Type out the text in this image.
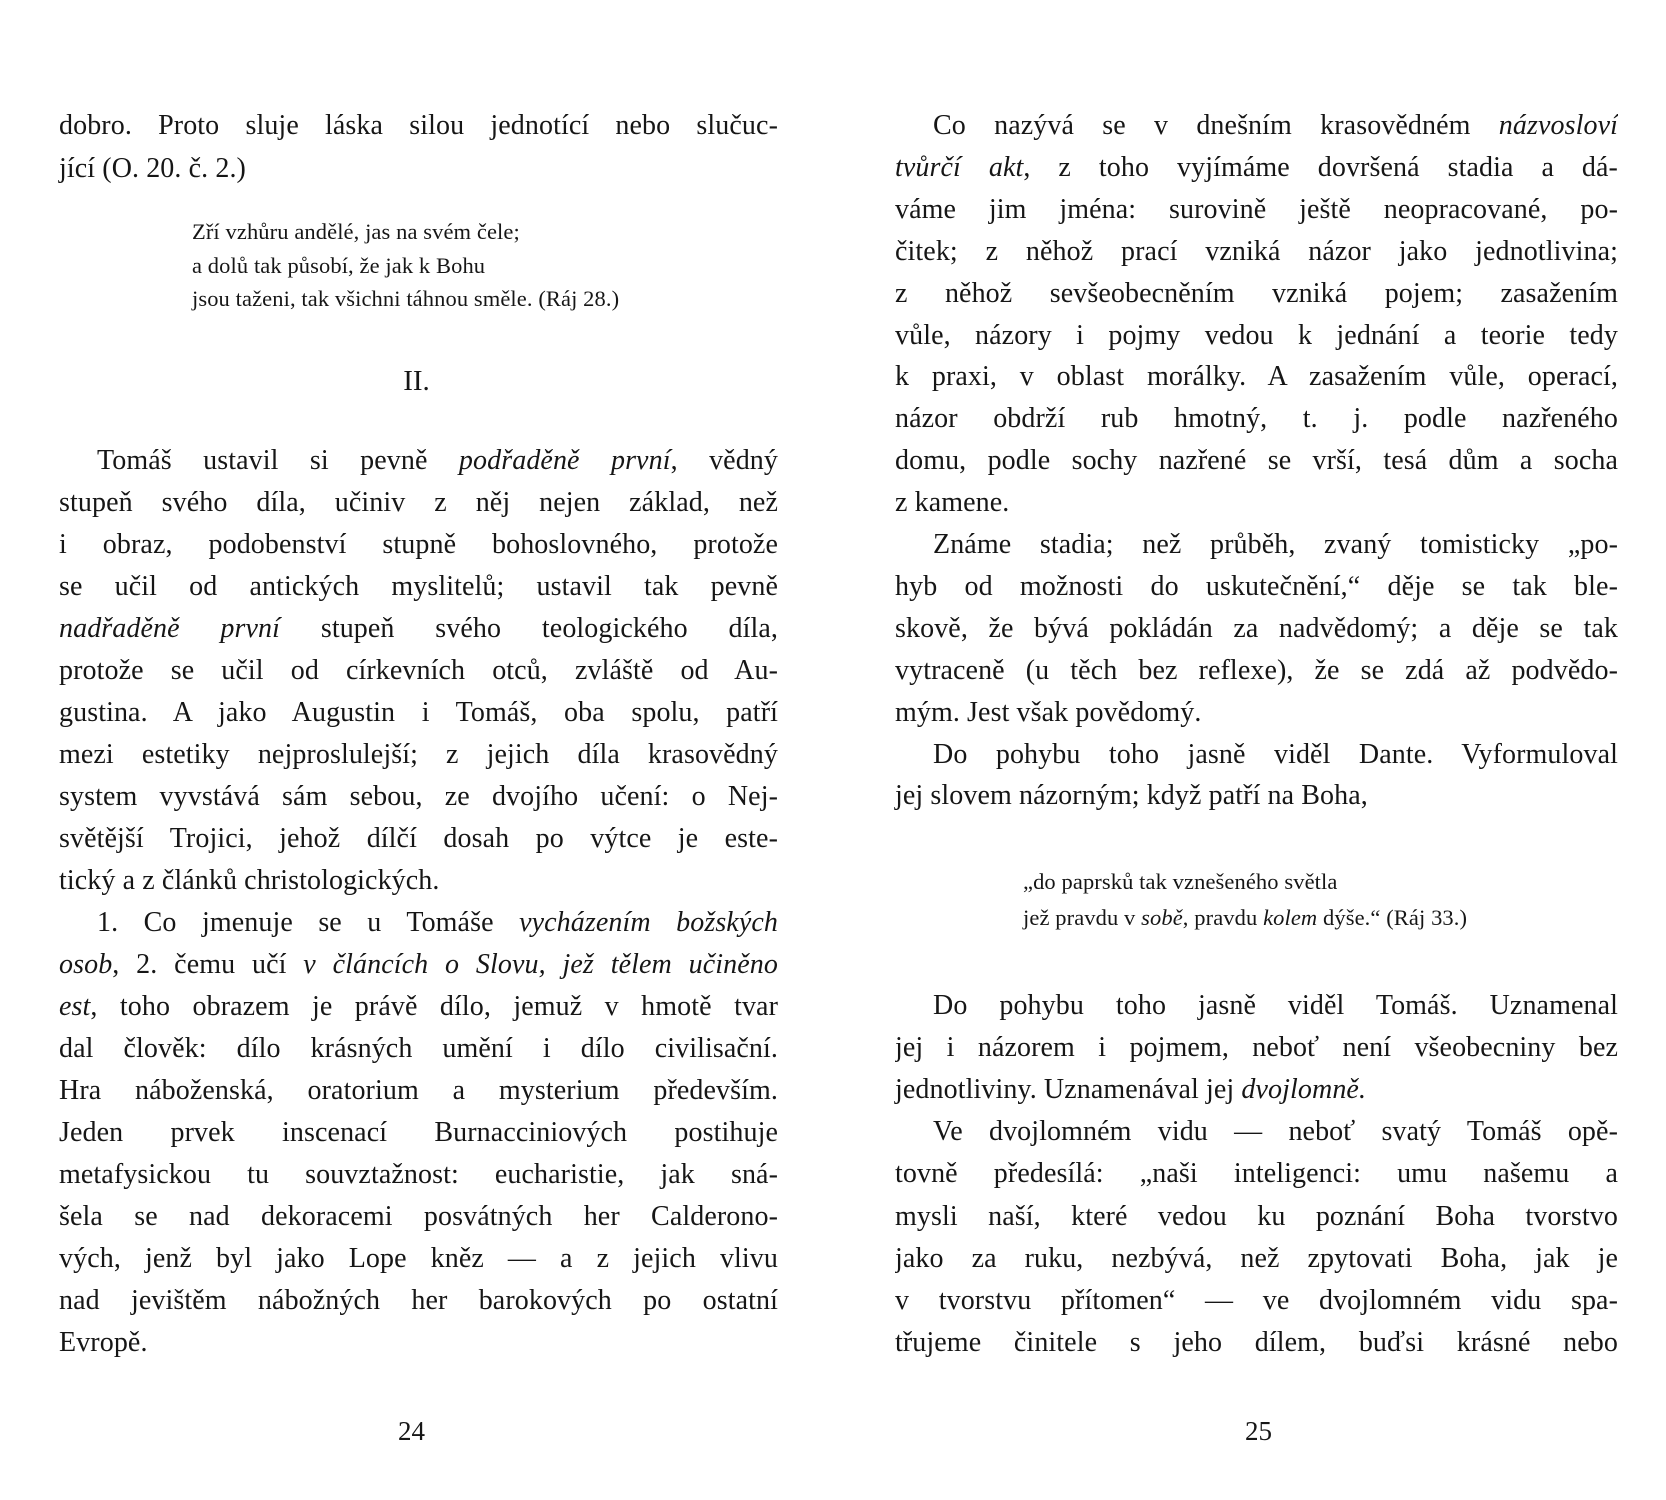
II.
24
dobro. Proto sluje láska silou jednotící nebo slučuc-
jící (O. 20. č. 2.)
Zří vzhůru andělé, jas na svém čele;
a dolů tak působí, že jak k Bohu
jsou taženi, tak všichni táhnou směle. (Ráj 28.)
Tomáš ustavil si pevně podřaděně první, vědný
stupeň svého díla, učiniv z něj nejen základ, než
i obraz, podobenství stupně bohoslovného, protože
se učil od antických myslitelů; ustavil tak pevně
nadřaděně první stupeň svého teologického díla,
protože se učil od církevních otců, zvláště od Au-
gustina. A jako Augustin i Tomáš, oba spolu, patří
mezi estetiky nejproslulejší; z jejich díla krasovědný
system vyvstává sám sebou, ze dvojího učení: o Nej-
světější Trojici, jehož dílčí dosah po výtce je este-
tický a z článků christologických.
1. Co jmenuje se u Tomáše vycházením božských
osob, 2. čemu učí v článcích o Slovu, jež tělem učiněno
est, toho obrazem je právě dílo, jemuž v hmotě tvar
dal člověk: dílo krásných umění i dílo civilisační.
Hra náboženská, oratorium a mysterium především.
Jeden prvek inscenací Burnacciniových postihuje
metafysickou tu souvztažnost: eucharistie, jak sná-
šela se nad dekoracemi posvátných her Calderono-
vých, jenž byl jako Lope kněz — a z jejich vlivu
nad jevištěm nábožných her barokových po ostatní
Evropě.
25
Co nazývá se v dnešním krasovědném názvosloví
tvůrčí akt, z toho vyjímáme dovršená stadia a dá-
váme jim jména: surovině ještě neopracované, po-
čitek; z něhož prací vzniká názor jako jednotlivina;
z něhož sevšeobecněním vzniká pojem; zasažením
vůle, názory i pojmy vedou k jednání a teorie tedy
k praxi, v oblast morálky. A zasažením vůle, operací,
názor obdrží rub hmotný, t. j. podle nazřeného
domu, podle sochy nazřené se vrší, tesá dům a socha
z kamene.
Známe stadia; než průběh, zvaný tomisticky „po-
hyb od možnosti do uskutečnění,“ děje se tak ble-
skově, že bývá pokládán za nadvědomý; a děje se tak
vytraceně (u těch bez reflexe), že se zdá až podvědo-
mým. Jest však povědomý.
Do pohybu toho jasně viděl Dante. Vyformuloval
jej slovem názorným; když patří na Boha,
„do paprsků tak vznešeného světla
jež pravdu v sobě, pravdu kolem dýše.“ (Ráj 33.)
Do pohybu toho jasně viděl Tomáš. Uznamenal
jej i názorem i pojmem, neboť není všeobecniny bez
jednotliviny. Uznamenával jej dvojlomně.
Ve dvojlomném vidu — neboť svatý Tomáš opě-
tovně předesílá: „naši inteligenci: umu našemu a
mysli naší, které vedou ku poznání Boha tvorstvo
jako za ruku, nezbývá, než zpytovati Boha, jak je
v tvorstvu přítomen“ — ve dvojlomném vidu spa-
třujeme činitele s jeho dílem, buďsi krásné nebo
